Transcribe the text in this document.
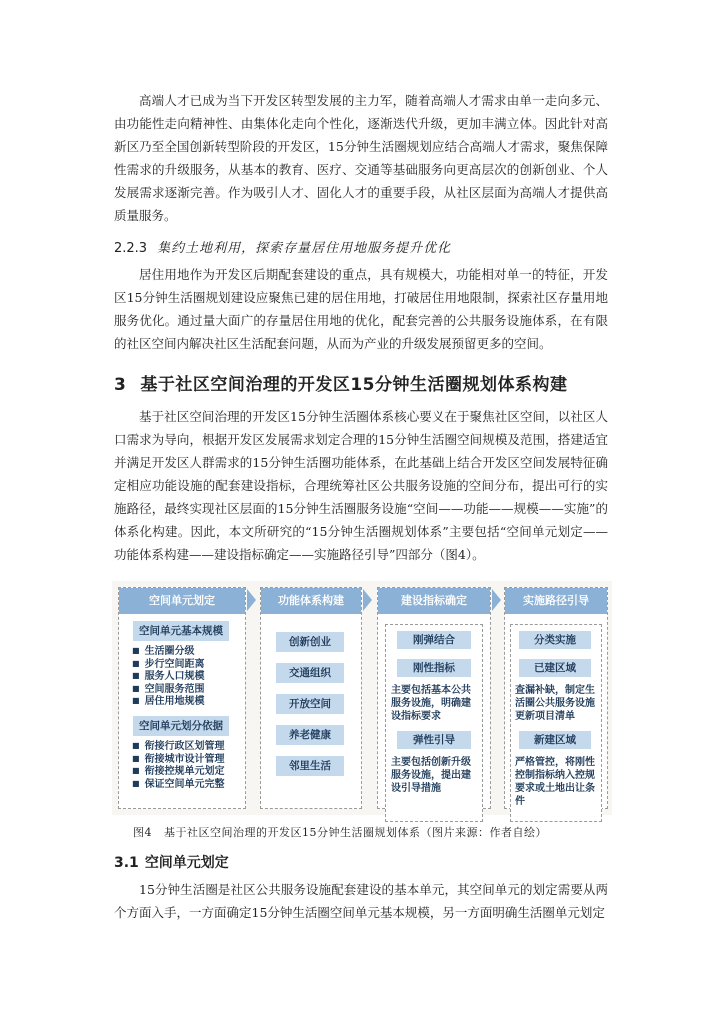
高端人才已成为当下开发区转型发展的主力军，随着高端人才需求由单一走向多元、由功能性走向精神性、由集体化走向个性化，逐渐迭代升级，更加丰满立体。因此针对高新区乃至全国创新转型阶段的开发区，15分钟生活圈规划应结合高端人才需求，聚焦保障性需求的升级服务，从基本的教育、医疗、交通等基础服务向更高层次的创新创业、个人发展需求逐渐完善。作为吸引人才、固化人才的重要手段，从社区层面为高端人才提供高质量服务。

2.2.3 集约土地利用，探索存量居住用地服务提升优化

居住用地作为开发区后期配套建设的重点，具有规模大，功能相对单一的特征，开发区15分钟生活圈规划建设应聚焦已建的居住用地，打破居住用地限制，探索社区存量用地服务优化。通过量大面广的存量居住用地的优化，配套完善的公共服务设施体系，在有限的社区空间内解决社区生活配套问题，从而为产业的升级发展预留更多的空间。

3 基于社区空间治理的开发区15分钟生活圈规划体系构建

基于社区空间治理的开发区15分钟生活圈体系核心要义在于聚焦社区空间，以社区人口需求为导向，根据开发区发展需求划定合理的15分钟生活圈空间规模及范围，搭建适宜并满足开发区人群需求的15分钟生活圈功能体系，在此基础上结合开发区空间发展特征确定相应功能设施的配套建设指标，合理统筹社区公共服务设施的空间分布，提出可行的实施路径，最终实现社区层面的15分钟生活圈服务设施“空间——功能——规模——实施”的体系化构建。因此，本文所研究的“15分钟生活圈规划体系”主要包括“空间单元划定——功能体系构建——建设指标确定——实施路径引导”四部分（图4）。

空间单元划定
空间单元基本规模
■ 生活圈分级
■ 步行空间距离
■ 服务人口规模
■ 空间服务范围
■ 居住用地规模
空间单元划分依据
■ 衔接行政区划管理
■ 衔接城市设计管理
■ 衔接控规单元划定
■ 保证空间单元完整
功能体系构建
创新创业
交通组织
开放空间
养老健康
邻里生活
建设指标确定
刚弹结合
刚性指标
主要包括基本公共服务设施，明确建设指标要求
弹性引导
主要包括创新升级服务设施，提出建设引导措施
实施路径引导
分类实施
已建区域
查漏补缺，制定生活圈公共服务设施更新项目清单
新建区域
严格管控，将刚性控制指标纳入控规要求或土地出让条件

图4 基于社区空间治理的开发区15分钟生活圈规划体系（图片来源：作者自绘）

3.1 空间单元划定

15分钟生活圈是社区公共服务设施配套建设的基本单元，其空间单元的划定需要从两个方面入手，一方面确定15分钟生活圈空间单元基本规模，另一方面明确生活圈单元划定
